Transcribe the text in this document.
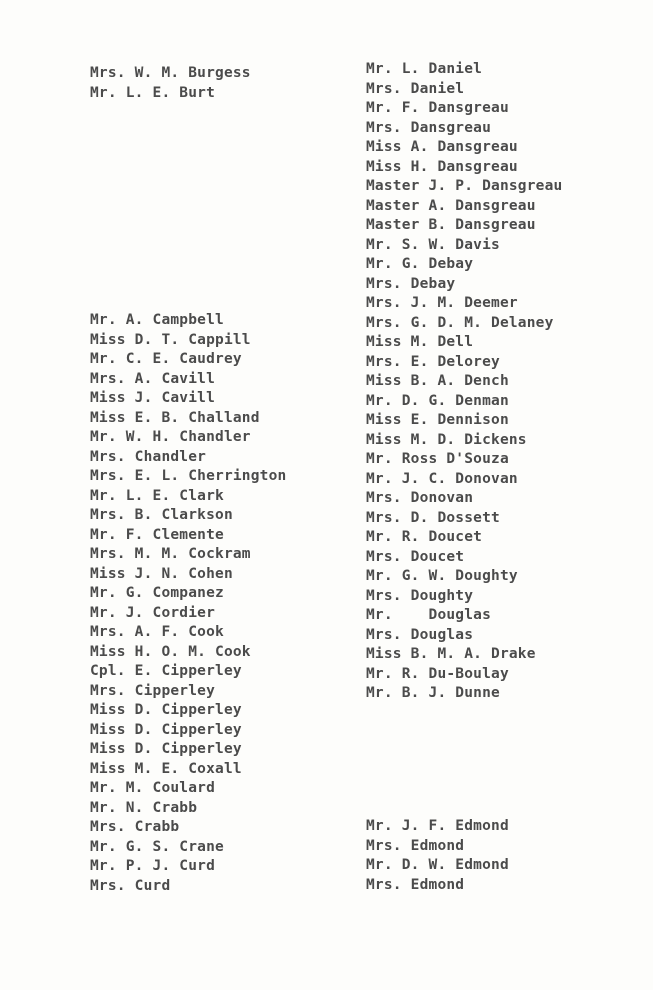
Mrs. W. M. Burgess
Mr. L. E. Burt
Mr. A. Campbell
Miss D. T. Cappill
Mr. C. E. Caudrey
Mrs. A. Cavill
Miss J. Cavill
Miss E. B. Challand
Mr. W. H. Chandler
Mrs. Chandler
Mrs. E. L. Cherrington
Mr. L. E. Clark
Mrs. B. Clarkson
Mr. F. Clemente
Mrs. M. M. Cockram
Miss J. N. Cohen
Mr. G. Companez
Mr. J. Cordier
Mrs. A. F. Cook
Miss H. O. M. Cook
Cpl. E. Cipperley
Mrs. Cipperley
Miss D. Cipperley
Miss D. Cipperley
Miss D. Cipperley
Miss M. E. Coxall
Mr. M. Coulard
Mr. N. Crabb
Mrs. Crabb
Mr. G. S. Crane
Mr. P. J. Curd
Mrs. Curd
Mr. L. Daniel
Mrs. Daniel
Mr. F. Dansgreau
Mrs. Dansgreau
Miss A. Dansgreau
Miss H. Dansgreau
Master J. P. Dansgreau
Master A. Dansgreau
Master B. Dansgreau
Mr. S. W. Davis
Mr. G. Debay
Mrs. Debay
Mrs. J. M. Deemer
Mrs. G. D. M. Delaney
Miss M. Dell
Mrs. E. Delorey
Miss B. A. Dench
Mr. D. G. Denman
Miss E. Dennison
Miss M. D. Dickens
Mr. Ross D'Souza
Mr. J. C. Donovan
Mrs. Donovan
Mrs. D. Dossett
Mr. R. Doucet
Mrs. Doucet
Mr. G. W. Doughty
Mrs. Doughty
Mr.    Douglas
Mrs. Douglas
Miss B. M. A. Drake
Mr. R. Du-Boulay
Mr. B. J. Dunne
Mr. J. F. Edmond
Mrs. Edmond
Mr. D. W. Edmond
Mrs. Edmond
